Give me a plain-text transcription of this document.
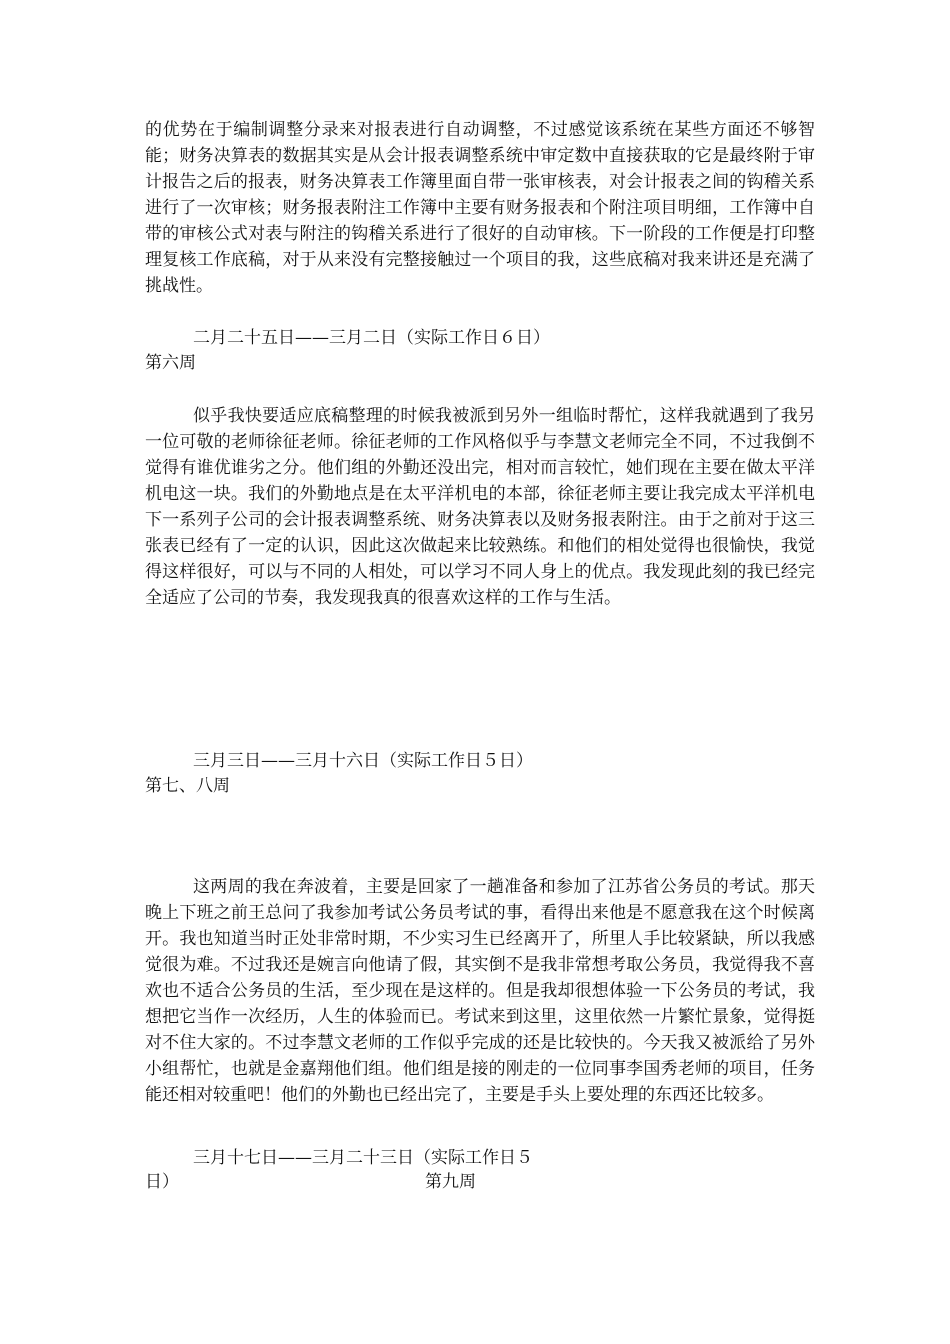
的优势在于编制调整分录来对报表进行自动调整，不过感觉该系统在某些方面还不够智能；财务决算表的数据其实是从会计报表调整系统中审定数中直接获取的它是最终附于审计报告之后的报表，财务决算表工作簿里面自带一张审核表，对会计报表之间的钩稽关系进行了一次审核；财务报表附注工作簿中主要有财务报表和个附注项目明细，工作簿中自带的审核公式对表与附注的钩稽关系进行了很好的自动审核。下一阶段的工作便是打印整理复核工作底稿，对于从来没有完整接触过一个项目的我，这些底稿对我来讲还是充满了挑战性。

二月二十五日——三月二日（实际工作日６日）
第六周

似乎我快要适应底稿整理的时候我被派到另外一组临时帮忙，这样我就遇到了我另一位可敬的老师徐征老师。徐征老师的工作风格似乎与李慧文老师完全不同，不过我倒不觉得有谁优谁劣之分。他们组的外勤还没出完，相对而言较忙，她们现在主要在做太平洋机电这一块。我们的外勤地点是在太平洋机电的本部，徐征老师主要让我完成太平洋机电下一系列子公司的会计报表调整系统、财务决算表以及财务报表附注。由于之前对于这三张表已经有了一定的认识，因此这次做起来比较熟练。和他们的相处觉得也很愉快，我觉得这样很好，可以与不同的人相处，可以学习不同人身上的优点。我发现此刻的我已经完全适应了公司的节奏，我发现我真的很喜欢这样的工作与生活。

三月三日——三月十六日（实际工作日５日）
第七、八周

这两周的我在奔波着，主要是回家了一趟准备和参加了江苏省公务员的考试。那天晚上下班之前王总问了我参加考试公务员考试的事，看得出来他是不愿意我在这个时候离开。我也知道当时正处非常时期，不少实习生已经离开了，所里人手比较紧缺，所以我感觉很为难。不过我还是婉言向他请了假，其实倒不是我非常想考取公务员，我觉得我不喜欢也不适合公务员的生活，至少现在是这样的。但是我却很想体验一下公务员的考试，我想把它当作一次经历，人生的体验而已。考试来到这里，这里依然一片繁忙景象，觉得挺对不住大家的。不过李慧文老师的工作似乎完成的还是比较快的。今天我又被派给了另外小组帮忙，也就是金嘉翔他们组。他们组是接的刚走的一位同事李国秀老师的项目，任务能还相对较重吧！他们的外勤也已经出完了，主要是手头上要处理的东西还比较多。

三月十七日——三月二十三日（实际工作日５
日）	第九周
